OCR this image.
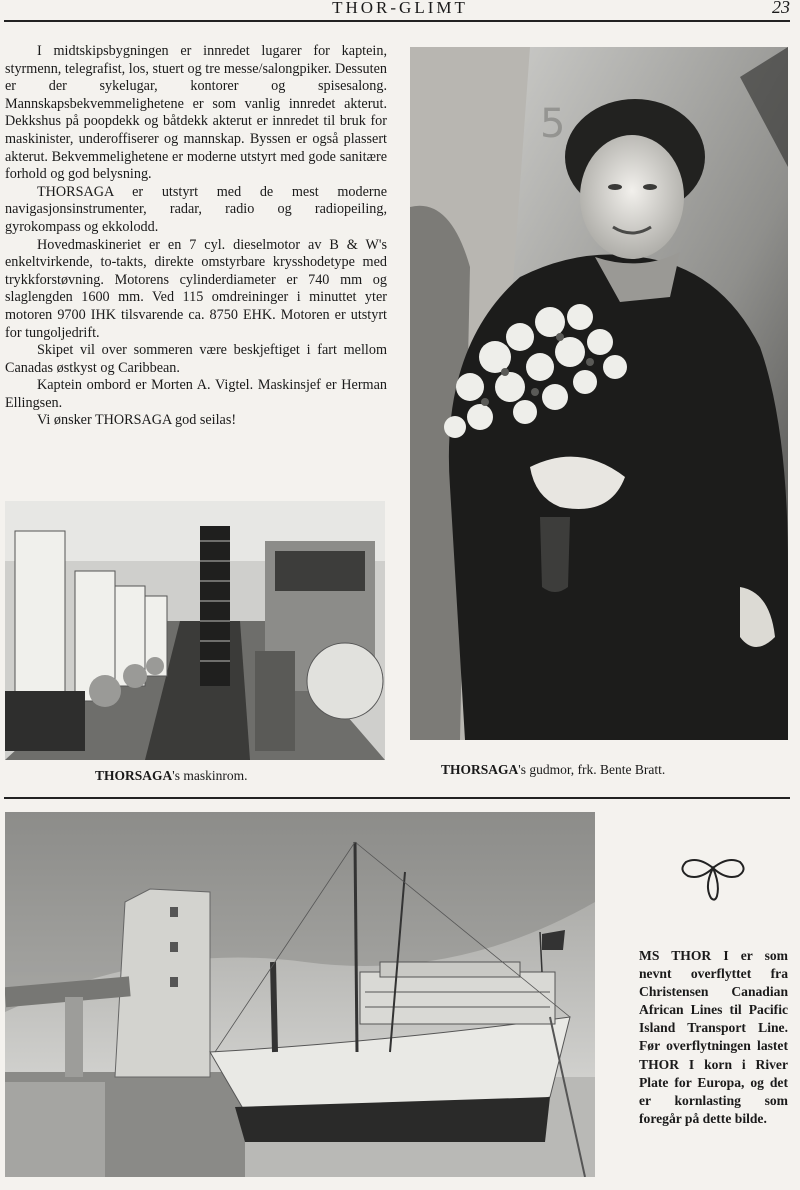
THOR-GLIMT	23

I midtskipsbygningen er innredet lugarer for kaptein, styrmenn, telegrafist, los, stuert og tre messe/salongpiker. Dessuten er der sykelugar, kontorer og spisesalong. Mannskapsbekvemmelighetene er som vanlig innredet akterut. Dekkshus på poopdekk og båtdekk akterut er innredet til bruk for maskinister, underoffiserer og mannskap. Byssen er også plassert akterut. Bekvemmelighetene er moderne utstyrt med gode sanitære forhold og god belysning.

THORSAGA er utstyrt med de mest moderne navigasjonsinstrumenter, radar, radio og radiopeiling, gyrokompass og ekkolodd.

Hovedmaskineriet er en 7 cyl. dieselmotor av B & W's enkeltvirkende, to-takts, direkte omstyrbare krysshodetype med trykkforstøvning. Motorens cylinderdiameter er 740 mm og slaglengden 1600 mm. Ved 115 omdreininger i minuttet yter motoren 9700 IHK tilsvarende ca. 8750 EHK. Motoren er utstyrt for tungoljedrift.

Skipet vil over sommeren være beskjeftiget i fart mellom Canadas østkyst og Caribbean.

Kaptein ombord er Morten A. Vigtel. Maskinsjef er Herman Ellingsen.

Vi ønsker THORSAGA god seilas!

5
THORSAGA's maskinrom.	THORSAGA's gudmor, frk. Bente Bratt.
MS THOR I er som nevnt overflyttet fra Christensen Canadian African Lines til Pacific Island Transport Line. Før overflytningen lastet THOR I korn i River Plate for Europa, og det er kornlasting som foregår på dette bilde.
